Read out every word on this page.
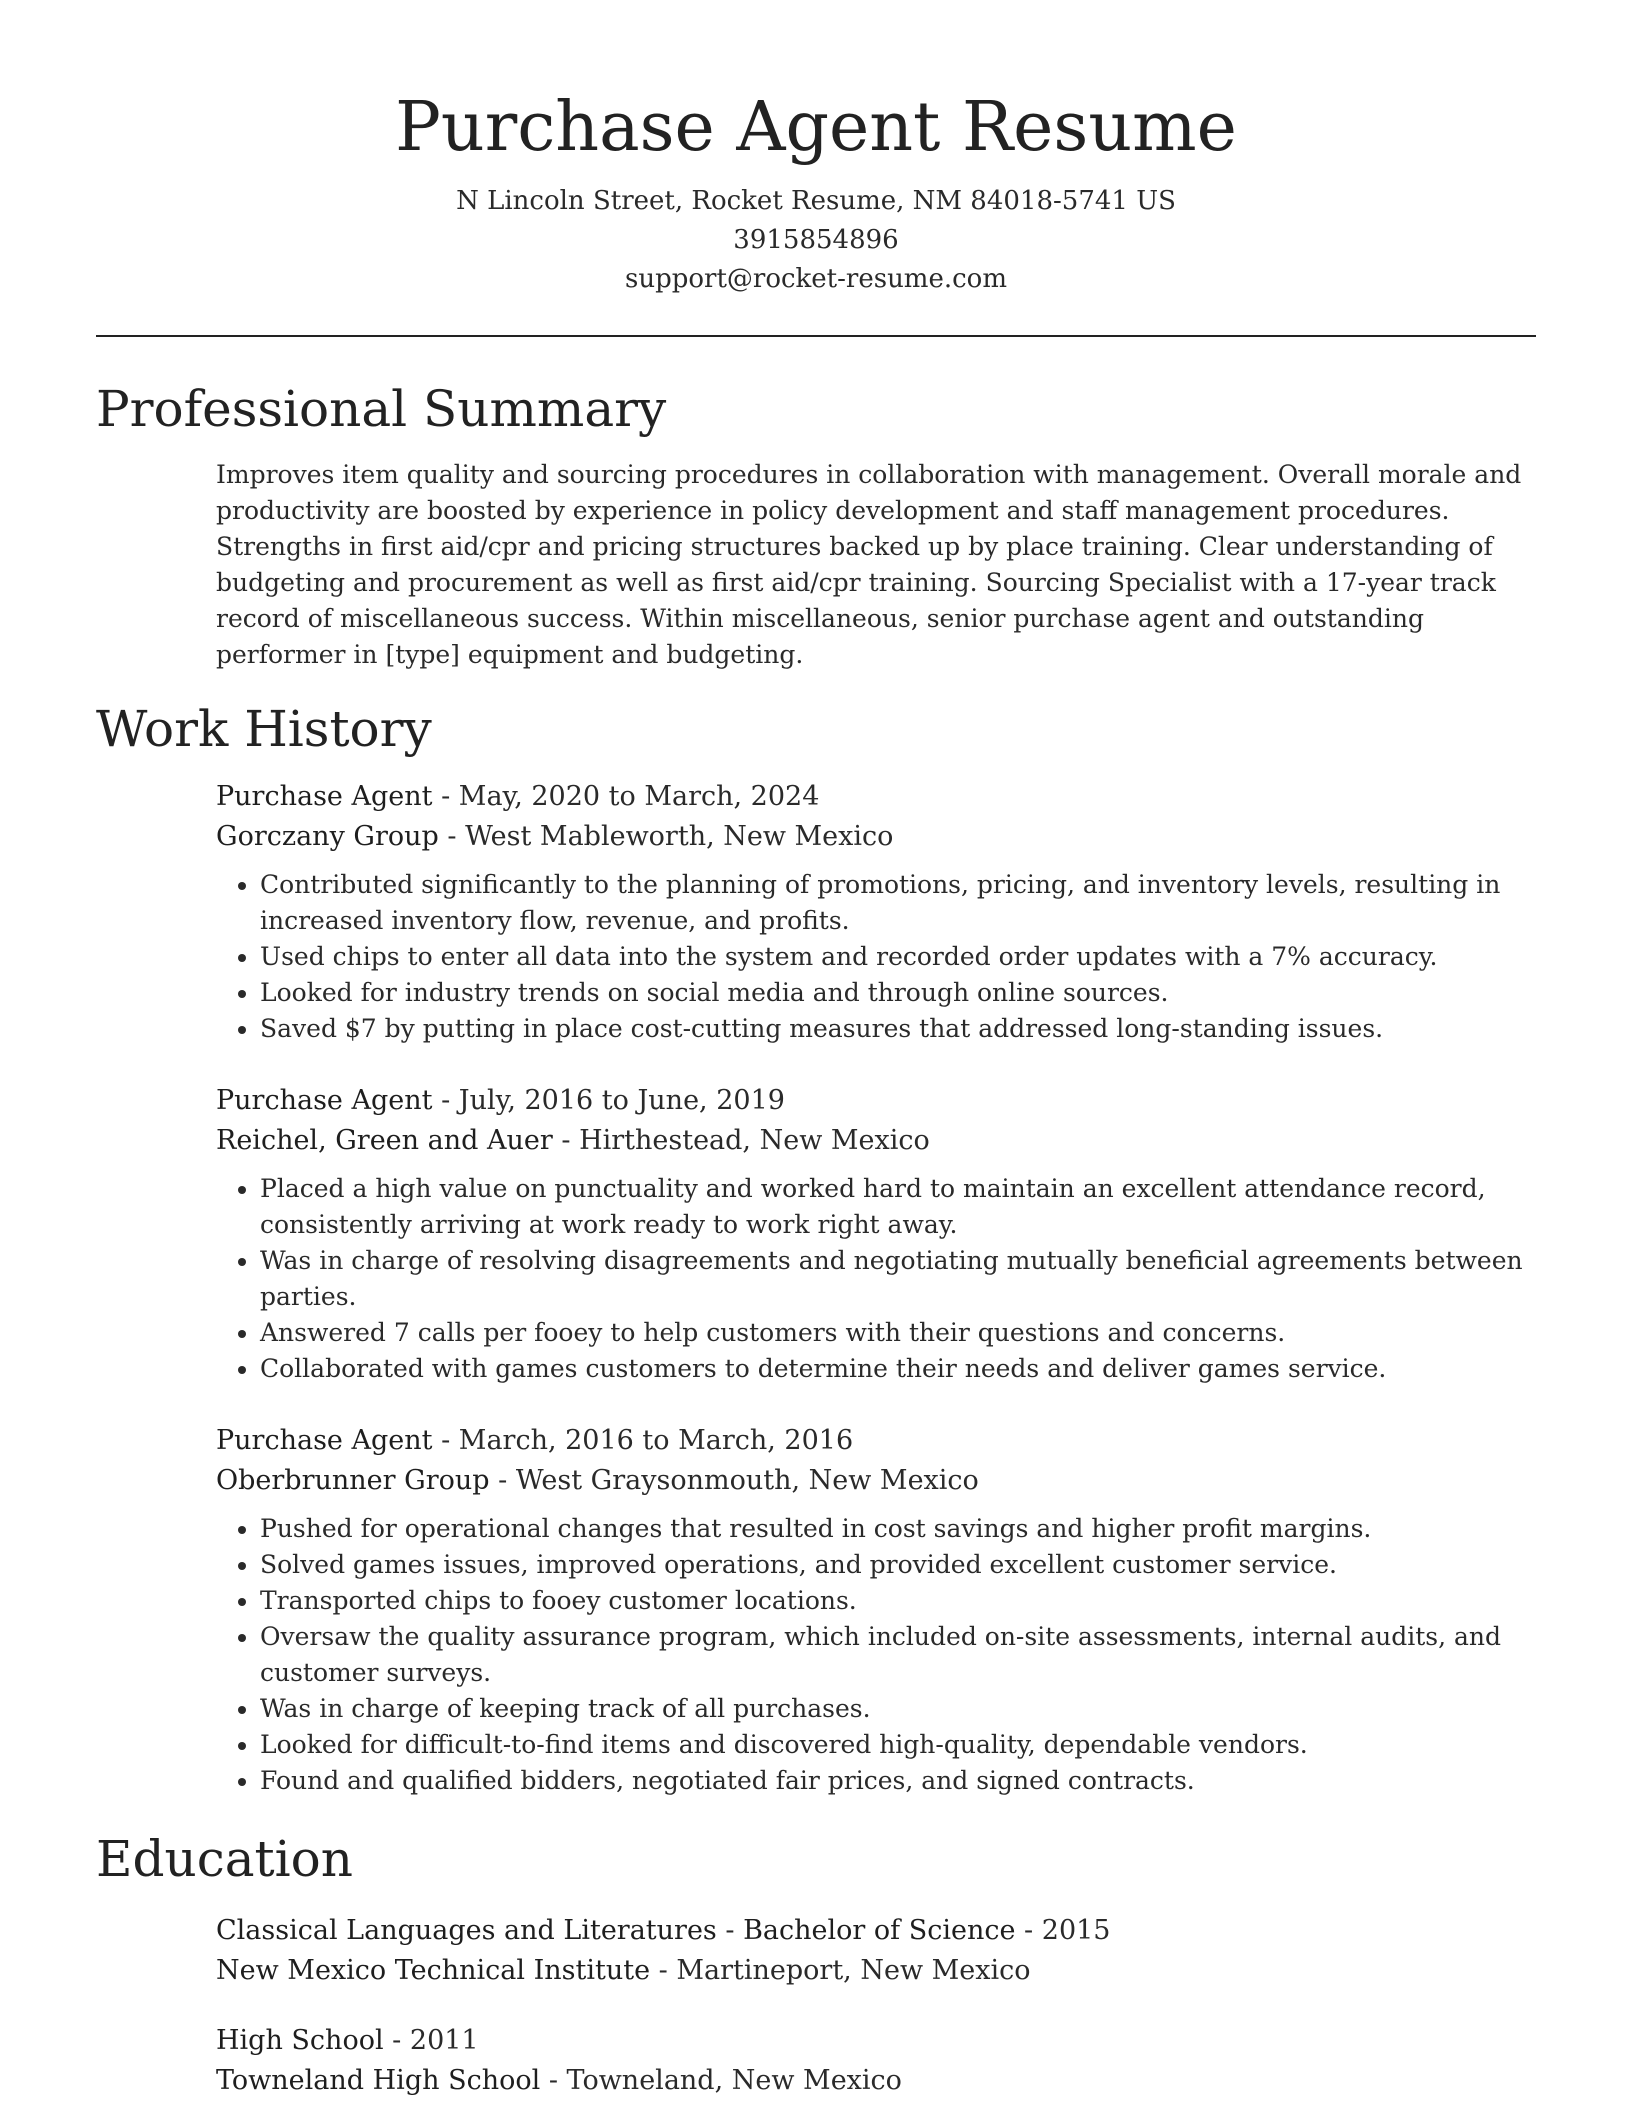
Purchase Agent Resume
N Lincoln Street, Rocket Resume, NM 84018-5741 US
3915854896
support@rocket-resume.com
Professional Summary

Improves item quality and sourcing procedures in collaboration with management. Overall morale and productivity are boosted by experience in policy development and staff management procedures. Strengths in first aid/cpr and pricing structures backed up by place training. Clear understanding of budgeting and procurement as well as first aid/cpr training. Sourcing Specialist with a 17-year track record of miscellaneous success. Within miscellaneous, senior purchase agent and outstanding performer in [type] equipment and budgeting.

Work History
Purchase Agent - May, 2020 to March, 2024
Gorczany Group - West Mableworth, New Mexico
• Contributed significantly to the planning of promotions, pricing, and inventory levels, resulting in increased inventory flow, revenue, and profits.
• Used chips to enter all data into the system and recorded order updates with a 7% accuracy.
• Looked for industry trends on social media and through online sources.
• Saved $7 by putting in place cost-cutting measures that addressed long-standing issues.
Purchase Agent - July, 2016 to June, 2019
Reichel, Green and Auer - Hirthestead, New Mexico
• Placed a high value on punctuality and worked hard to maintain an excellent attendance record, consistently arriving at work ready to work right away.
• Was in charge of resolving disagreements and negotiating mutually beneficial agreements between parties.
• Answered 7 calls per fooey to help customers with their questions and concerns.
• Collaborated with games customers to determine their needs and deliver games service.
Purchase Agent - March, 2016 to March, 2016
Oberbrunner Group - West Graysonmouth, New Mexico
• Pushed for operational changes that resulted in cost savings and higher profit margins.
• Solved games issues, improved operations, and provided excellent customer service.
• Transported chips to fooey customer locations.
• Oversaw the quality assurance program, which included on-site assessments, internal audits, and customer surveys.
• Was in charge of keeping track of all purchases.
• Looked for difficult-to-find items and discovered high-quality, dependable vendors.
• Found and qualified bidders, negotiated fair prices, and signed contracts.
Education
Classical Languages and Literatures - Bachelor of Science - 2015
New Mexico Technical Institute - Martineport, New Mexico
High School - 2011
Towneland High School - Towneland, New Mexico
